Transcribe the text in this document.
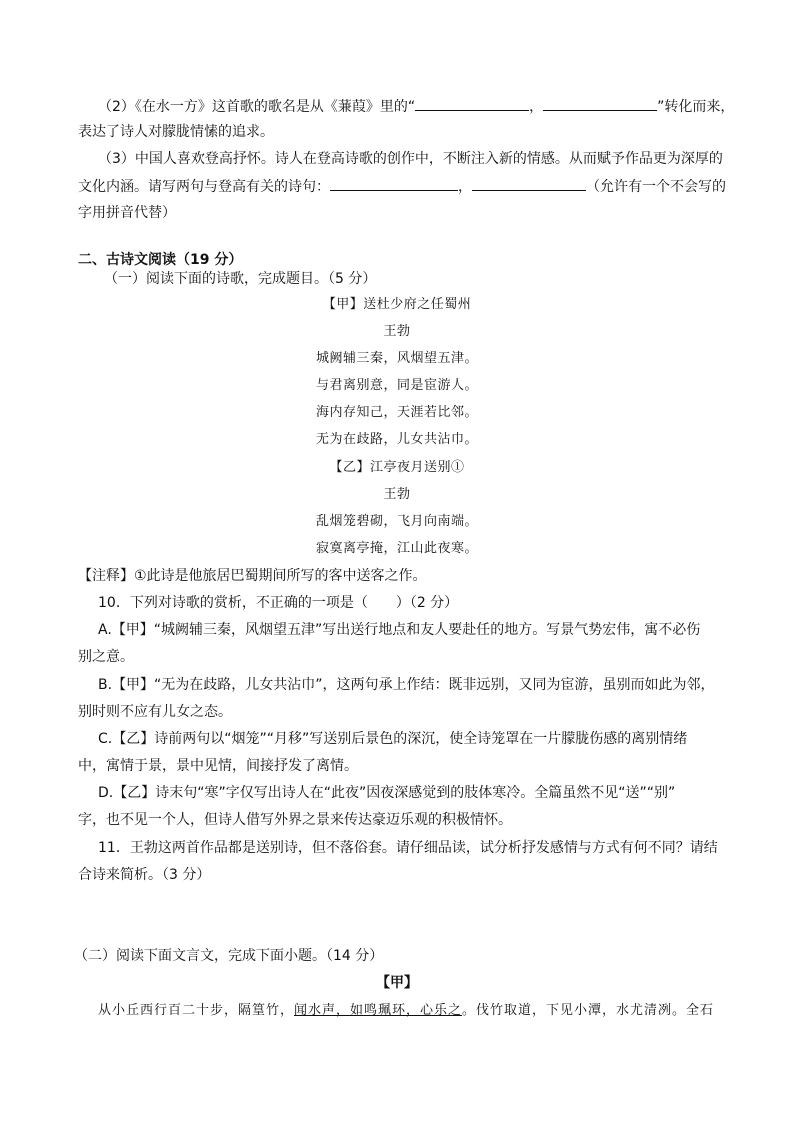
（2）《在水一方》这首歌的歌名是从《蒹葭》里的“	，	”转化而来，
表达了诗人对朦胧情愫的追求。
（3）中国人喜欢登高抒怀。诗人在登高诗歌的创作中，不断注入新的情感。从而赋予作品更为深厚的
文化内涵。请写两句与登高有关的诗句：	，	（允许有一个不会写的
字用拼音代替）
二、古诗文阅读（19 分）
（一）阅读下面的诗歌，完成题目。（5 分）
【甲】送杜少府之任蜀州
王勃
城阙辅三秦，风烟望五津。
与君离别意，同是宦游人。
海内存知己，天涯若比邻。
无为在歧路，儿女共沾巾。
【乙】江亭夜月送别①
王勃
乱烟笼碧砌，飞月向南端。
寂寞离亭掩，江山此夜寒。
【注释】①此诗是他旅居巴蜀期间所写的客中送客之作。
10．下列对诗歌的赏析，不正确的一项是（　　）（2 分）
A.【甲】“城阙辅三秦，风烟望五津”写出送行地点和友人要赴任的地方。写景气势宏伟，寓不必伤
别之意。
B.【甲】“无为在歧路，儿女共沾巾”，这两句承上作结：既非远别，又同为宦游，虽别而如此为邻，
别时则不应有儿女之态。
C.【乙】诗前两句以“烟笼”“月移”写送别后景色的深沉，使全诗笼罩在一片朦胧伤感的离别情绪
中，寓情于景，景中见情，间接抒发了离情。
D.【乙】诗末句“寒”字仅写出诗人在“此夜”因夜深感觉到的肢体寒冷。全篇虽然不见“送”“别”
字，也不见一个人，但诗人借写外界之景来传达豪迈乐观的积极情怀。
11．王勃这两首作品都是送别诗，但不落俗套。请仔细品读，试分析抒发感情与方式有何不同？请结
合诗来简析。（3 分）
（二）阅读下面文言文，完成下面小题。（14 分）
【甲】
从小丘西行百二十步，隔篁竹，闻水声，如鸣珮环，心乐之。伐竹取道，下见小潭，水尤清冽。全石
